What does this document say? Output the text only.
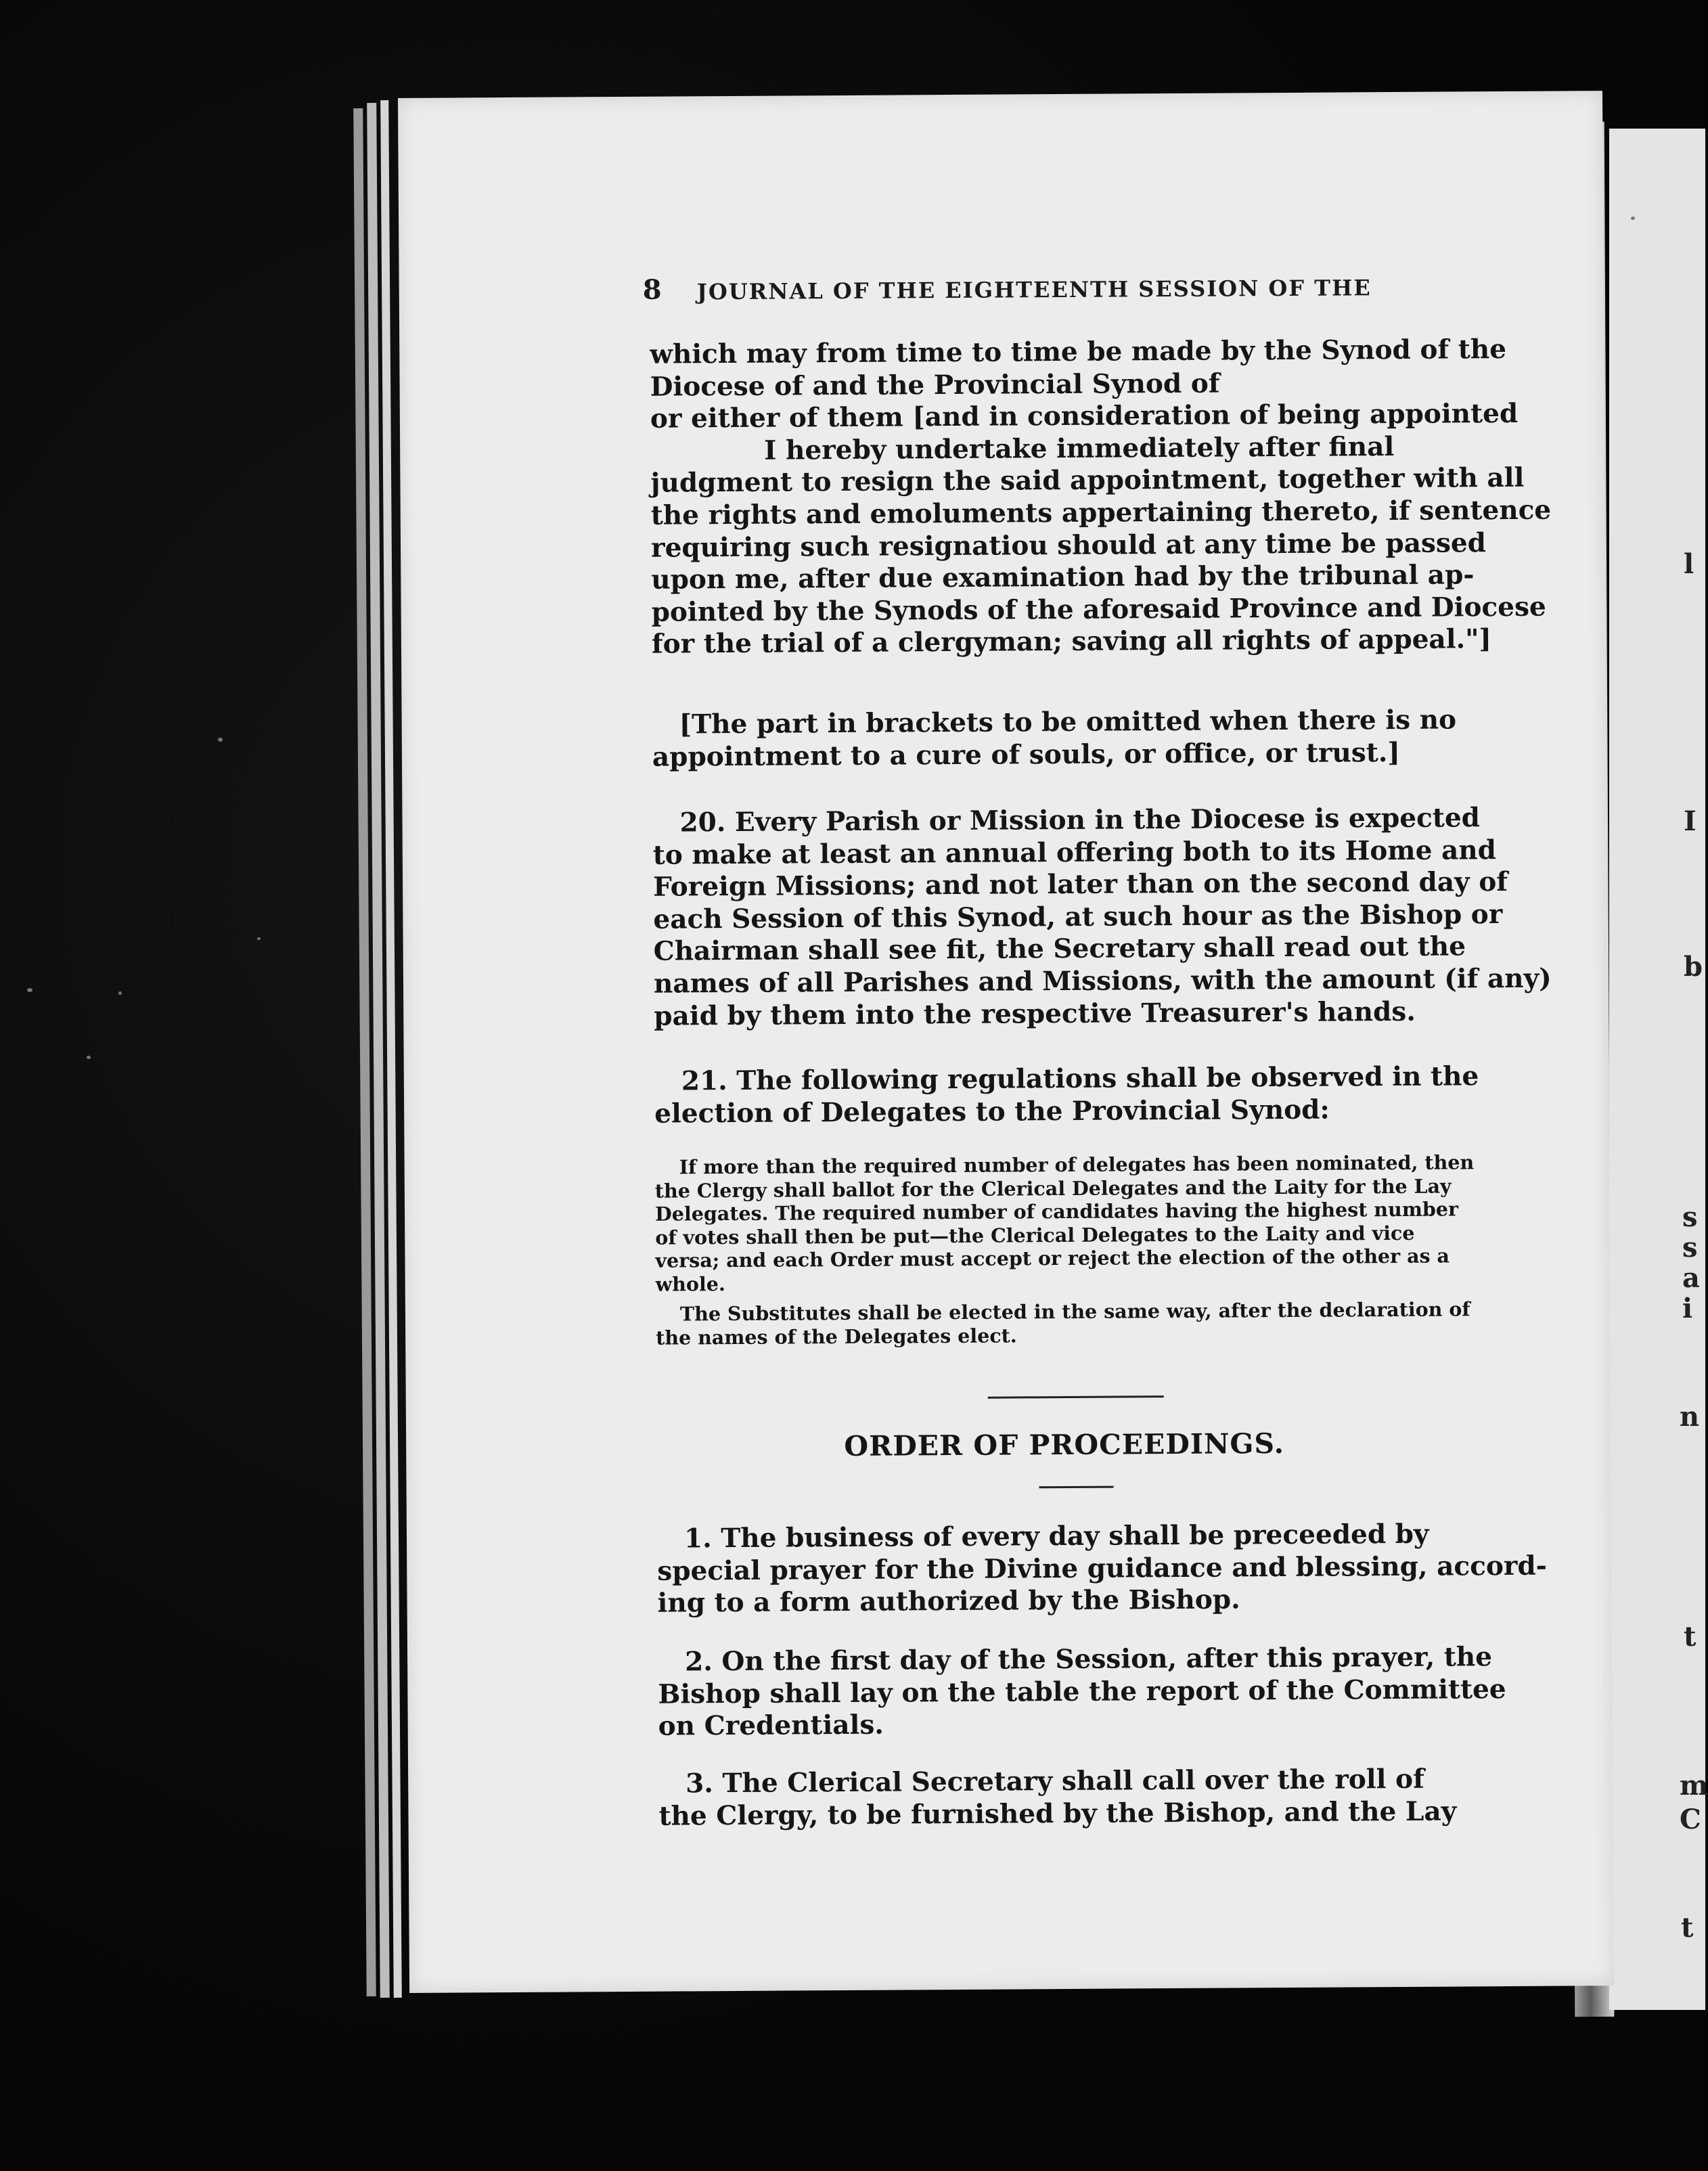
l
I
b
s
s
a
i
n
t
m
C
t
8 JOURNAL OF THE EIGHTEENTH SESSION OF THE
which may from time to time be made by the Synod of the
Diocese of and the Provincial Synod of
or either of them [and in consideration of being appointed
I hereby undertake immediately after final
judgment to resign the said appointment, together with all
the rights and emoluments appertaining thereto, if sentence
requiring such resignatiou should at any time be passed
upon me, after due examination had by the tribunal ap-
pointed by the Synods of the aforesaid Province and Diocese
for the trial of a clergyman; saving all rights of appeal."]
[The part in brackets to be omitted when there is no
appointment to a cure of souls, or office, or trust.]
20. Every Parish or Mission in the Diocese is expected
to make at least an annual offering both to its Home and
Foreign Missions; and not later than on the second day of
each Session of this Synod, at such hour as the Bishop or
Chairman shall see fit, the Secretary shall read out the
names of all Parishes and Missions, with the amount (if any)
paid by them into the respective Treasurer's hands.
21. The following regulations shall be observed in the
election of Delegates to the Provincial Synod:
If more than the required number of delegates has been nominated, then
the Clergy shall ballot for the Clerical Delegates and the Laity for the Lay
Delegates. The required number of candidates having the highest number
of votes shall then be put—the Clerical Delegates to the Laity and vice
versa; and each Order must accept or reject the election of the other as a
whole.
The Substitutes shall be elected in the same way, after the declaration of
the names of the Delegates elect.
ORDER OF PROCEEDINGS.
1. The business of every day shall be preceeded by
special prayer for the Divine guidance and blessing, accord-
ing to a form authorized by the Bishop.
2. On the first day of the Session, after this prayer, the
Bishop shall lay on the table the report of the Committee
on Credentials.
3. The Clerical Secretary shall call over the roll of
the Clergy, to be furnished by the Bishop, and the Lay
